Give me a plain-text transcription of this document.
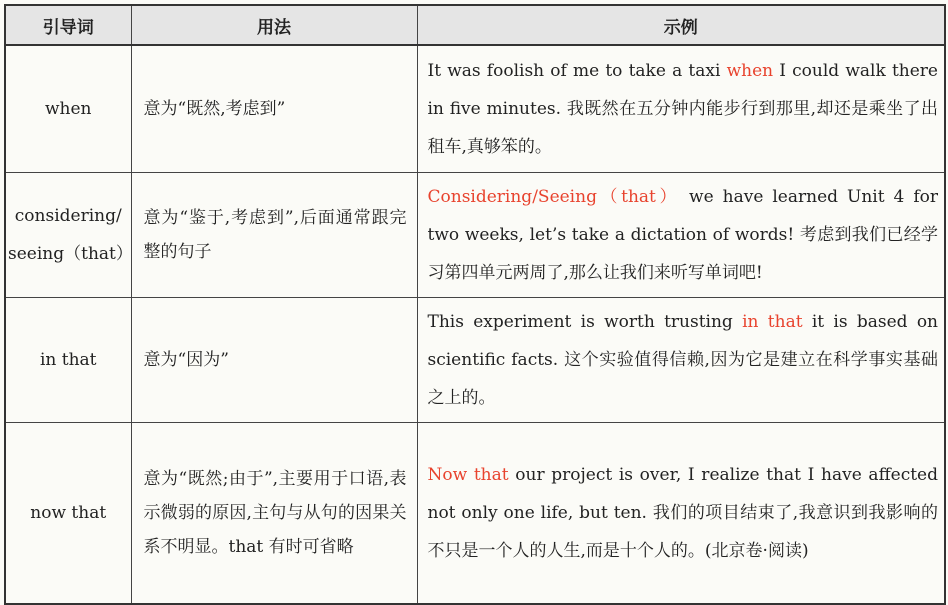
引导词	用法	示例
when	意为“既然,考虑到”	It was foolish of me to take a taxi when I could walk there in five minutes. 我既然在五分钟内能步行到那里,却还是乘坐了出租车,真够笨的。
considering/ seeing（that）	意为“鉴于,考虑到”,后面通常跟完整的句子	Considering/Seeing（that） we have learned Unit 4 for two weeks, let’s take a dictation of words! 考虑到我们已经学习第四单元两周了,那么让我们来听写单词吧!
in that	意为“因为”	This experiment is worth trusting in that it is based on scientific facts. 这个实验值得信赖,因为它是建立在科学事实基础之上的。
now that	意为“既然;由于”,主要用于口语,表示微弱的原因,主句与从句的因果关系不明显。that 有时可省略	Now that our project is over, I realize that I have affected not only one life, but ten. 我们的项目结束了,我意识到我影响的不只是一个人的人生,而是十个人的。(北京卷·阅读)
